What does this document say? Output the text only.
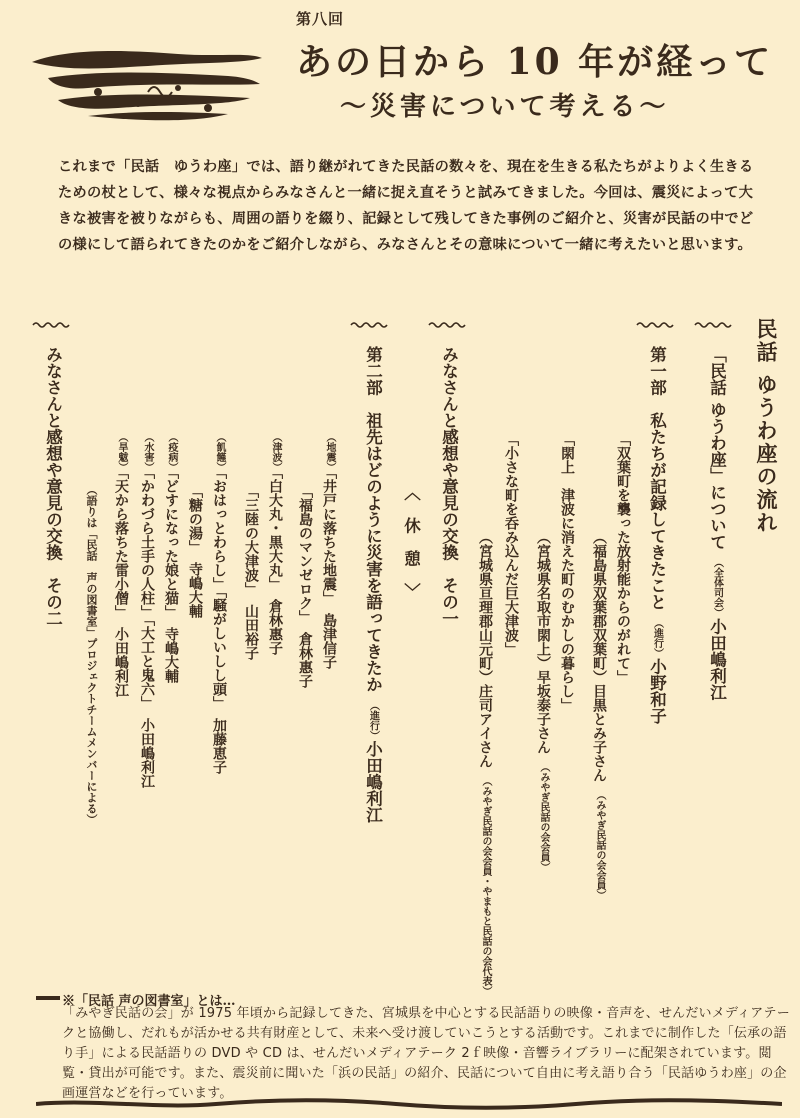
第八回
あの日から 10 年が経って
～災害について考える～
これまで「民話　ゆうわ座」では、語り継がれてきた民話の数々を、現在を生きる私たちがよりよく生きるための杖として、様々な視点からみなさんと一緒に捉え直そうと試みてきました。今回は、震災によって大きな被害を被りながらも、周囲の語りを綴り、記録として残してきた事例のご紹介と、災害が民話の中でどの様にして語られてきたのかをご紹介しながら、みなさんとその意味について一緒に考えたいと思います。
民話 ゆうわ座の流れ
「民話 ゆうわ座」について（全体司会）小田嶋利江
第一部　私たちが記録してきたこと（進行）小野和子
「双葉町を襲った放射能からのがれて」
（福島県双葉郡双葉町）目黒とみ子さん（みやぎ民話の会会員）
「閖上　津波に消えた町のむかしの暮らし」
（宮城県名取市閖上）早坂泰子さん（みやぎ民話の会会員）
「小さな町を呑み込んだ巨大津波」
（宮城県亘理郡山元町）庄司アイさん（みやぎ民話の会会員・やまもと民話の会代表）
みなさんと感想や意見の交換　その一
〈　休　憩　〉
第二部　祖先はどのように災害を語ってきたか（進行）小田嶋利江
（地震）「井戸に落ちた地震」島津信子
「福島のマンゼロク」倉林惠子
（津波）「白大丸・黒大丸」倉林惠子
「三陸の大津波」山田裕子
（飢饉）「おはっとわらし」「騒がしいしし頭」加藤恵子
「糖の湯」寺嶋大輔
（疫病）「どすになった娘と猫」寺嶋大輔
（水害）「かわづら土手の人柱」「大工と鬼六」小田嶋利江
（旱魃）「天から落ちた雷小僧」小田嶋利江
（語りは「民話　声の図書室」プロジェクトチームメンバーによる）
みなさんと感想や意見の交換　その二
※「民話 声の図書室」とは…
「みやぎ民話の会」が 1975 年頃から記録してきた、宮城県を中心とする民話語りの映像・音声を、せんだいメディアテークと協働し、だれもが活かせる共有財産として、未来へ受け渡していこうとする活動です。これまでに制作した「伝承の語り手」による民話語りの DVD や CD は、せんだいメディアテーク 2ｆ映像・音響ライブラリーに配架されています。閲覧・貸出が可能です。また、震災前に聞いた「浜の民話」の紹介、民話について自由に考え語り合う「民話ゆうわ座」の企画運営などを行っています。
